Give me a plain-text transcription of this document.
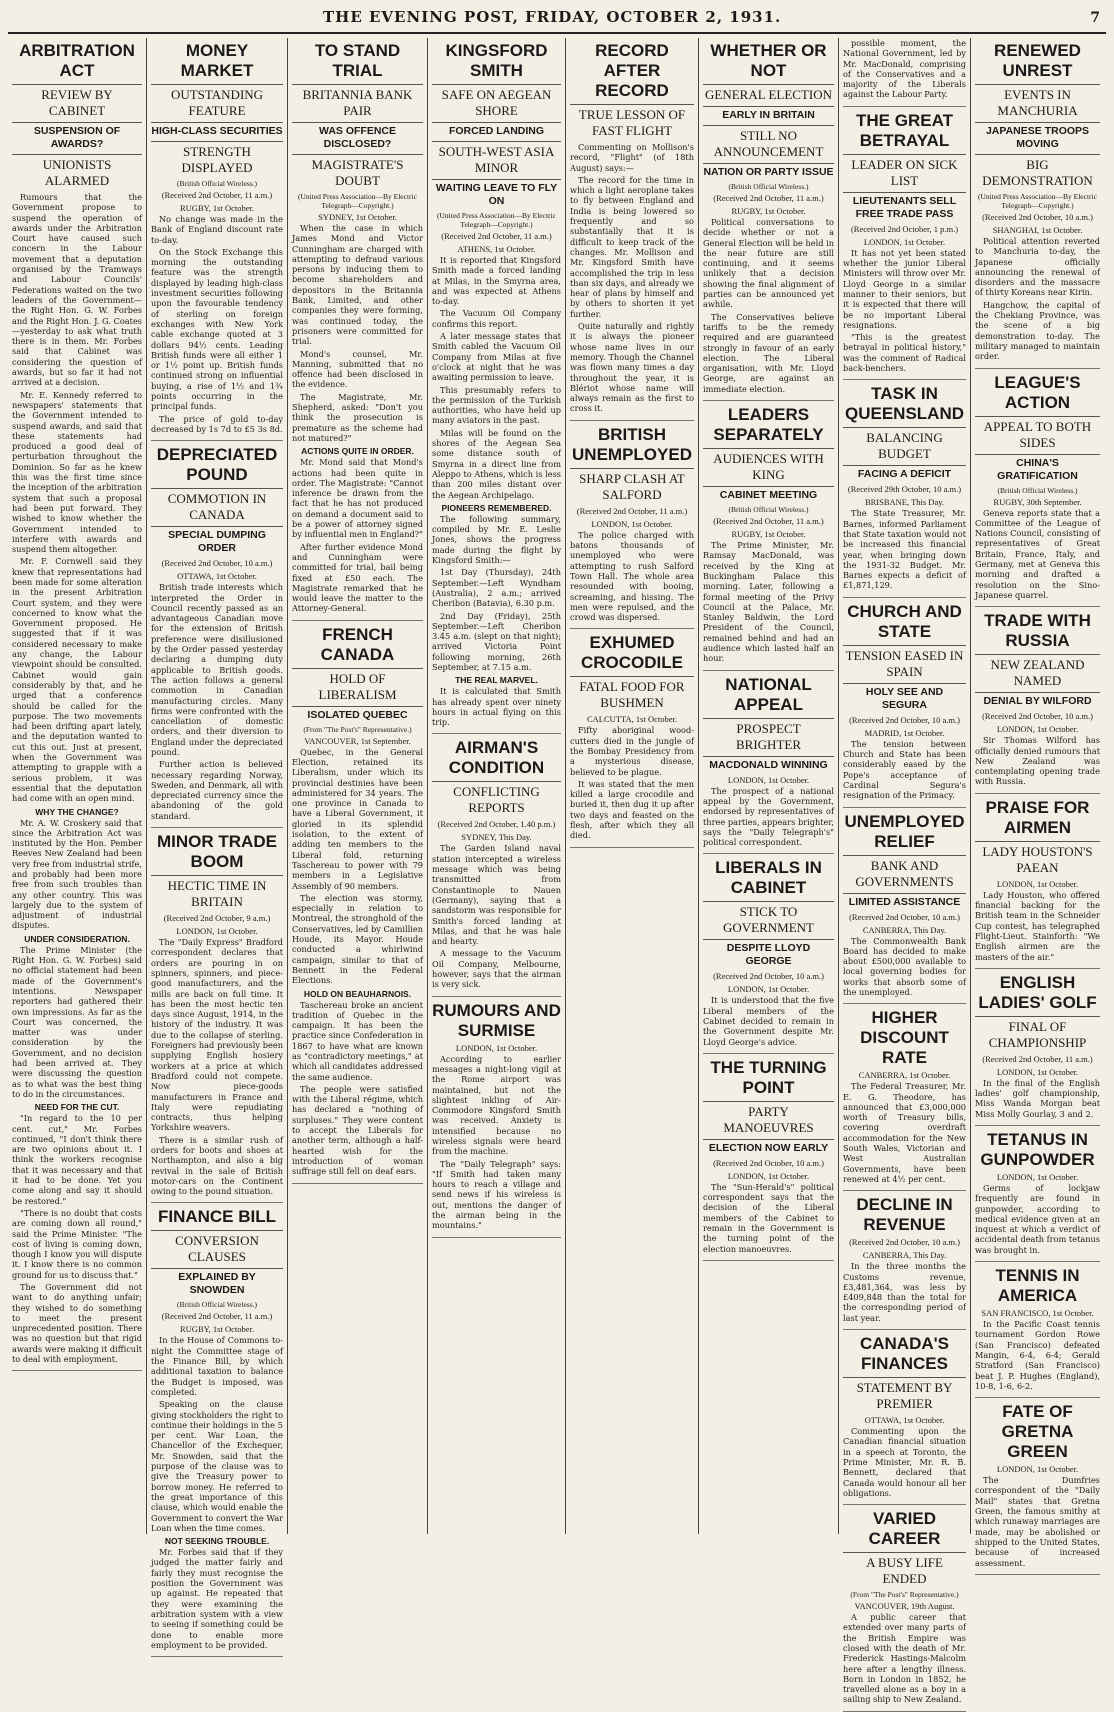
THE EVENING POST, FRIDAY, OCTOBER 2, 1931.	7
ARBITRATION ACT
REVIEW BY CABINET
SUSPENSION OF AWARDS?
UNIONISTS ALARMED

Rumours that the Government propose to suspend the operation of awards under the Arbitration Court have caused such concern in the Labour movement that a deputation organised by the Tramways and Labour Councils' Federations waited on the two leaders of the Government—the Right Hon. G. W. Forbes and the Right Hon. J. G. Coates—yesterday to ask what truth there is in them. Mr. Forbes said that Cabinet was considering the question of awards, but so far it had not arrived at a decision.

Mr. E. Kennedy referred to newspapers' statements that the Government intended to suspend awards, and said that these statements had produced a good deal of perturbation throughout the Dominion. So far as he knew this was the first time since the inception of the arbitration system that such a proposal had been put forward. They wished to know whether the Government intended to interfere with awards and suspend them altogether.

Mr. F. Cornwell said they knew that representations had been made for some alteration in the present Arbitration Court system, and they were concerned to know what the Government proposed. He suggested that if it was considered necessary to make any change, the Labour viewpoint should be consulted. Cabinet would gain considerably by that, and he urged that a conference should be called for the purpose. The two movements had been drifting apart lately, and the deputation wanted to cut this out. Just at present, when the Government was attempting to grapple with a serious problem, it was essential that the deputation had come with an open mind.

WHY THE CHANGE?

Mr. A. W. Croskery said that since the Arbitration Act was instituted by the Hon. Pember Reeves New Zealand had been very free from industrial strife, and probably had been more free from such troubles than any other country. This was largely due to the system of adjustment of industrial disputes.

UNDER CONSIDERATION.

The Prime Minister (the Right Hon. G. W. Forbes) said no official statement had been made of the Government's intentions. Newspaper reporters had gathered their own impressions. As far as the Court was concerned, the matter was under consideration by the Government, and no decision had been arrived at. They were discussing the question as to what was the best thing to do in the circumstances.

NEED FOR THE CUT.

"In regard to the 10 per cent. cut," Mr. Forbes continued, "I don't think there are two opinions about it. I think the workers recognise that it was necessary and that it had to be done. Yet you come along and say it should be restored."

"There is no doubt that costs are coming down all round," said the Prime Minister. "The cost of living is coming down, though I know you will dispute it. I know there is no common ground for us to discuss that."

The Government did not want to do anything unfair; they wished to do something to meet the present unprecedented position. There was no question but that rigid awards were making it difficult to deal with employment.

MONEY MARKET
OUTSTANDING FEATURE
HIGH-CLASS SECURITIES
STRENGTH DISPLAYED
(British Official Wireless.)
(Received 2nd October, 11 a.m.)
RUGBY, 1st October.

No change was made in the Bank of England discount rate to-day.

On the Stock Exchange this morning the outstanding feature was the strength displayed by leading high-class investment securities following upon the favourable tendency of sterling on foreign exchanges with New York cable exchange quoted at 3 dollars 94½ cents. Leading British funds were all either 1 or 1½ point up. British funds continued strong on influential buying, a rise of 1½ and 1¾ points occurring in the principal funds.

The price of gold to-day decreased by 1s 7d to £5 3s 8d.

DEPRECIATED POUND
COMMOTION IN CANADA
SPECIAL DUMPING ORDER
(Received 2nd October, 10 a.m.)
OTTAWA, 1st October.

British trade interests which interpreted the Order in Council recently passed as an advantageous Canadian move for the extension of British preference were disillusioned by the Order passed yesterday declaring a dumping duty applicable to British goods. The action follows a general commotion in Canadian manufacturing circles. Many firms were confronted with the cancellation of domestic orders, and their diversion to England under the depreciated pound.

Further action is believed necessary regarding Norway, Sweden, and Denmark, all with depreciated currency since the abandoning of the gold standard.

MINOR TRADE BOOM
HECTIC TIME IN BRITAIN
(Received 2nd October, 9 a.m.)
LONDON, 1st October.

The "Daily Express" Bradford correspondent declares that orders are pouring in on spinners, spinners, and piece-good manufacturers, and the mills are back on full time. It has been the most hectic ten days since August, 1914, in the history of the industry. It was due to the collapse of sterling. Foreigners had previously been supplying English hosiery workers at a price at which Bradford could not compete. Now piece-goods manufacturers in France and Italy were repudiating contracts, thus helping Yorkshire weavers.

There is a similar rush of orders for boots and shoes at Northampton, and also a big revival in the sale of British motor-cars on the Continent owing to the pound situation.

FINANCE BILL
CONVERSION CLAUSES
EXPLAINED BY SNOWDEN
(British Official Wireless.)
(Received 2nd October, 11 a.m.)
RUGBY, 1st October.

In the House of Commons to-night the Committee stage of the Finance Bill, by which additional taxation to balance the Budget is imposed, was completed.

Speaking on the clause giving stockholders the right to continue their holdings in the 5 per cent. War Loan, the Chancellor of the Exchequer, Mr. Snowden, said that the purpose of the clause was to give the Treasury power to borrow money. He referred to the great importance of this clause, which would enable the Government to convert the War Loan when the time comes.

NOT SEEKING TROUBLE.

Mr. Forbes said that if they judged the matter fairly and fairly they must recognise the position the Government was up against. He repeated that they were examining the arbitration system with a view to seeing if something could be done to enable more employment to be provided.

TO STAND TRIAL
BRITANNIA BANK PAIR
WAS OFFENCE DISCLOSED?
MAGISTRATE'S DOUBT
(United Press Association—By Electric Telegraph—Copyright.)
SYDNEY, 1st October.

When the case in which James Mond and Victor Cunningham are charged with attempting to defraud various persons by inducing them to become shareholders and depositors in the Britannia Bank, Limited, and other companies they were forming, was continued today, the prisoners were committed for trial.

Mond's counsel, Mr. Manning, submitted that no offence had been disclosed in the evidence.

The Magistrate, Mr. Shepherd, asked: "Don't you think the prosecution is premature as the scheme had not matured?"

ACTIONS QUITE IN ORDER.

Mr. Mond said that Mond's actions had been quite in order. The Magistrate: "Cannot inference be drawn from the fact that he has not produced on demand a document said to be a power of attorney signed by influential men in England?"

After further evidence Mond and Cunningham were committed for trial, bail being fixed at £50 each. The Magistrate remarked that he would leave the matter to the Attorney-General.

FRENCH CANADA
HOLD OF LIBERALISM
ISOLATED QUEBEC
(From "The Post's" Representative.)
VANCOUVER, 1st September.

Quebec, in the General Election, retained its Liberalism, under which its provincial destinies have been administered for 34 years. The one province in Canada to have a Liberal Government, it gloried in its splendid isolation, to the extent of adding ten members to the Liberal fold, returning Taschereau to power with 79 members in a Legislative Assembly of 90 members.

The election was stormy, especially in relation to Montreal, the stronghold of the Conservatives, led by Camillien Houde, its Mayor. Houde conducted a whirlwind campaign, similar to that of Bennett in the Federal Elections.

HOLD ON BEAUHARNOIS.

Taschereau broke an ancient tradition of Quebec in the campaign. It has been the practice since Confederation in 1867 to have what are known as "contradictory meetings," at which all candidates addressed the same audience.

The people were satisfied with the Liberal régime, which has declared a "nothing of surpluses." They were content to accept the Liberals for another term, although a half-hearted wish for the introduction of woman suffrage still fell on deaf ears.

KINGSFORD SMITH
SAFE ON AEGEAN SHORE
FORCED LANDING
SOUTH-WEST ASIA MINOR
WAITING LEAVE TO FLY ON
(United Press Association—By Electric Telegraph—Copyright.)
(Received 2nd October, 11 a.m.)
ATHENS, 1st October.

It is reported that Kingsford Smith made a forced landing at Milas, in the Smyrna area, and was expected at Athens to-day.

The Vacuum Oil Company confirms this report.

A later message states that Smith cabled the Vacuum Oil Company from Milas at five o'clock at night that he was awaiting permission to leave.

This presumably refers to the permission of the Turkish authorities, who have held up many aviators in the past.

Milas will be found on the shores of the Aegean Sea some distance south of Smyrna in a direct line from Aleppo to Athens, which is less than 200 miles distant over the Aegean Archipelago.

PIONEERS REMEMBERED.

The following summary, compiled by Mr. E. Leslie Jones, shows the progress made during the flight by Kingsford Smith:—

1st Day (Thursday), 24th September.—Left Wyndham (Australia), 2 a.m.; arrived Cheribon (Batavia), 6.30 p.m.

2nd Day (Friday), 25th September.—Left Cheribon 3.45 a.m. (slept on that night); arrived Victoria Point following morning, 26th September, at 7.15 a.m.

THE REAL MARVEL.

It is calculated that Smith has already spent over ninety hours in actual flying on this trip.

AIRMAN'S CONDITION
CONFLICTING REPORTS
(Received 2nd October, 1.40 p.m.)
SYDNEY, This Day.

The Garden Island naval station intercepted a wireless message which was being transmitted from Constantinople to Nauen (Germany), saying that a sandstorm was responsible for Smith's forced landing at Milas, and that he was hale and hearty.

A message to the Vacuum Oil Company, Melbourne, however, says that the airman is very sick.

RUMOURS AND SURMISE
LONDON, 1st October.

According to earlier messages a night-long vigil at the Rome airport was maintained, but not the slightest inkling of Air-Commodore Kingsford Smith was received. Anxiety is intensified because no wireless signals were heard from the machine.

The "Daily Telegraph" says: "If Smith had taken many hours to reach a village and send news if his wireless is out, mentions the danger of the airman being in the mountains."

RECORD AFTER RECORD
TRUE LESSON OF FAST FLIGHT

Commenting on Mollison's record, "Flight" (of 18th August) says:—

The record for the time in which a light aeroplane takes to fly between England and India is being lowered so frequently and so substantially that it is difficult to keep track of the changes. Mr. Mollison and Mr. Kingsford Smith have accomplished the trip in less than six days, and already we hear of plans by himself and by others to shorten it yet further.

Quite naturally and rightly it is always the pioneer whose name lives in our memory. Though the Channel was flown many times a day throughout the year, it is Blériot whose name will always remain as the first to cross it.

BRITISH UNEMPLOYED
SHARP CLASH AT SALFORD
(Received 2nd October, 11 a.m.)
LONDON, 1st October.

The police charged with batons thousands of unemployed who were attempting to rush Salford Town Hall. The whole area resounded with booing, screaming, and hissing. The men were repulsed, and the crowd was dispersed.

EXHUMED CROCODILE
FATAL FOOD FOR BUSHMEN
CALCUTTA, 1st October.

Fifty aboriginal wood-cutters died in the jungle of the Bombay Presidency from a mysterious disease, believed to be plague.

It was stated that the men killed a large crocodile and buried it, then dug it up after two days and feasted on the flesh, after which they all died.

WHETHER OR NOT
GENERAL ELECTION
EARLY IN BRITAIN
STILL NO ANNOUNCEMENT
NATION OR PARTY ISSUE
(British Official Wireless.)
(Received 2nd October, 11 a.m.)
RUGBY, 1st October.

Political conversations to decide whether or not a General Election will be held in the near future are still continuing, and it seems unlikely that a decision showing the final alignment of parties can be announced yet awhile.

The Conservatives believe tariffs to be the remedy required and are guaranteed strongly in favour of an early election. The Liberal organisation, with Mr. Lloyd George, are against an immediate election.

LEADERS SEPARATELY
AUDIENCES WITH KING
CABINET MEETING
(British Official Wireless.)
(Received 2nd October, 11 a.m.)
RUGBY, 1st October.

The Prime Minister, Mr. Ramsay MacDonald, was received by the King at Buckingham Palace this morning. Later, following a formal meeting of the Privy Council at the Palace, Mr. Stanley Baldwin, the Lord President of the Council, remained behind and had an audience which lasted half an hour.

NATIONAL APPEAL
PROSPECT BRIGHTER
MACDONALD WINNING
LONDON, 1st October.

The prospect of a national appeal by the Government, endorsed by representatives of three parties, appears brighter, says the "Daily Telegraph's" political correspondent.

LIBERALS IN CABINET
STICK TO GOVERNMENT
DESPITE LLOYD GEORGE
(Received 2nd October, 10 a.m.)
LONDON, 1st October.

It is understood that the five Liberal members of the Cabinet decided to remain in the Government despite Mr. Lloyd George's advice.

THE TURNING POINT
PARTY MANOEUVRES
ELECTION NOW EARLY
(Received 2nd October, 10 a.m.)
LONDON, 1st October.

The "Sun-Herald's" political correspondent says that the decision of the Liberal members of the Cabinet to remain in the Government is the turning point of the election manoeuvres.

possible moment, the National Government, led by Mr. MacDonald, comprising of the Conservatives and a majority of the Liberals against the Labour Party.

THE GREAT BETRAYAL
LEADER ON SICK LIST
LIEUTENANTS SELL FREE TRADE PASS
(Received 2nd October, 1 p.m.)
LONDON, 1st October.

It has not yet been stated whether the junior Liberal Ministers will throw over Mr. Lloyd George in a similar manner to their seniors, but it is expected that there will be no important Liberal resignations.

"This is the greatest betrayal in political history," was the comment of Radical back-benchers.

TASK IN QUEENSLAND
BALANCING BUDGET
FACING A DEFICIT
(Received 29th October, 10 a.m.)
BRISBANE, This Day.

The State Treasurer, Mr. Barnes, informed Parliament that State taxation would not be increased this financial year, when bringing down the 1931-32 Budget. Mr. Barnes expects a deficit of £1,871,129.

CHURCH AND STATE
TENSION EASED IN SPAIN
HOLY SEE AND SEGURA
(Received 2nd October, 10 a.m.)
MADRID, 1st October.

The tension between Church and State has been considerably eased by the Pope's acceptance of Cardinal Segura's resignation of the Primacy.

UNEMPLOYED RELIEF
BANK AND GOVERNMENTS
LIMITED ASSISTANCE
(Received 2nd October, 10 a.m.)
CANBERRA, This Day.

The Commonwealth Bank Board has decided to make about £500,000 available to local governing bodies for works that absorb some of the unemployed.

HIGHER DISCOUNT RATE
CANBERRA, 1st October.

The Federal Treasurer, Mr. E. G. Theodore, has announced that £3,000,000 worth of Treasury bills, covering overdraft accommodation for the New South Wales, Victorian and West Australian Governments, have been renewed at 4½ per cent.

DECLINE IN REVENUE
(Received 2nd October, 10 a.m.)
CANBERRA, This Day.

In the three months the Customs revenue, £3,481,364, was less by £409,848 than the total for the corresponding period of last year.

CANADA'S FINANCES
STATEMENT BY PREMIER
OTTAWA, 1st October.

Commenting upon the Canadian financial situation in a speech at Toronto, the Prime Minister, Mr. R. B. Bennett, declared that Canada would honour all her obligations.

VARIED CAREER
A BUSY LIFE ENDED
(From "The Post's" Representative.)
VANCOUVER, 19th August.

A public career that extended over many parts of the British Empire was closed with the death of Mr. Frederick Hastings-Malcolm here after a lengthy illness. Born in London in 1852, he travelled alone as a boy in a sailing ship to New Zealand.

RENEWED UNREST
EVENTS IN MANCHURIA
JAPANESE TROOPS MOVING
BIG DEMONSTRATION
(United Press Association—By Electric Telegraph—Copyright.)
(Received 2nd October, 10 a.m.)
SHANGHAI, 1st October.

Political attention reverted to Manchuria to-day, the Japanese officially announcing the renewal of disorders and the massacre of thirty Koreans near Kirin.

Hangchow, the capital of the Chekiang Province, was the scene of a big demonstration to-day. The military managed to maintain order.

LEAGUE'S ACTION
APPEAL TO BOTH SIDES
CHINA'S GRATIFICATION
(British Official Wireless.)
RUGBY, 30th September.

Geneva reports state that a Committee of the League of Nations Council, consisting of representatives of Great Britain, France, Italy, and Germany, met at Geneva this morning and drafted a resolution on the Sino-Japanese quarrel.

TRADE WITH RUSSIA
NEW ZEALAND NAMED
DENIAL BY WILFORD
(Received 2nd October, 10 a.m.)
LONDON, 1st October.

Sir Thomas Wilford has officially denied rumours that New Zealand was contemplating opening trade with Russia.

PRAISE FOR AIRMEN
LADY HOUSTON'S PAEAN
LONDON, 1st October.

Lady Houston, who offered financial backing for the British team in the Schneider Cup contest, has telegraphed Flight-Lieut. Stainforth: "We English airmen are the masters of the air."

ENGLISH LADIES' GOLF
FINAL OF CHAMPIONSHIP
(Received 2nd October, 11 a.m.)
LONDON, 1st October.

In the final of the English ladies' golf championship, Miss Wanda Morgan beat Miss Molly Gourlay, 3 and 2.

TETANUS IN GUNPOWDER
LONDON, 1st October.

Germs of lockjaw frequently are found in gunpowder, according to medical evidence given at an inquest at which a verdict of accidental death from tetanus was brought in.

TENNIS IN AMERICA
SAN FRANCISCO, 1st October.

In the Pacific Coast tennis tournament Gordon Rowe (San Francisco) defeated Mangin, 6-4, 6-4; Gerald Stratford (San Francisco) beat J. P. Hughes (England), 10-8, 1-6, 6-2.

FATE OF GRETNA GREEN
LONDON, 1st October.

The Dumfries correspondent of the "Daily Mail" states that Gretna Green, the famous smithy at which runaway marriages are made, may be abolished or shipped to the United States, because of increased assessment.
